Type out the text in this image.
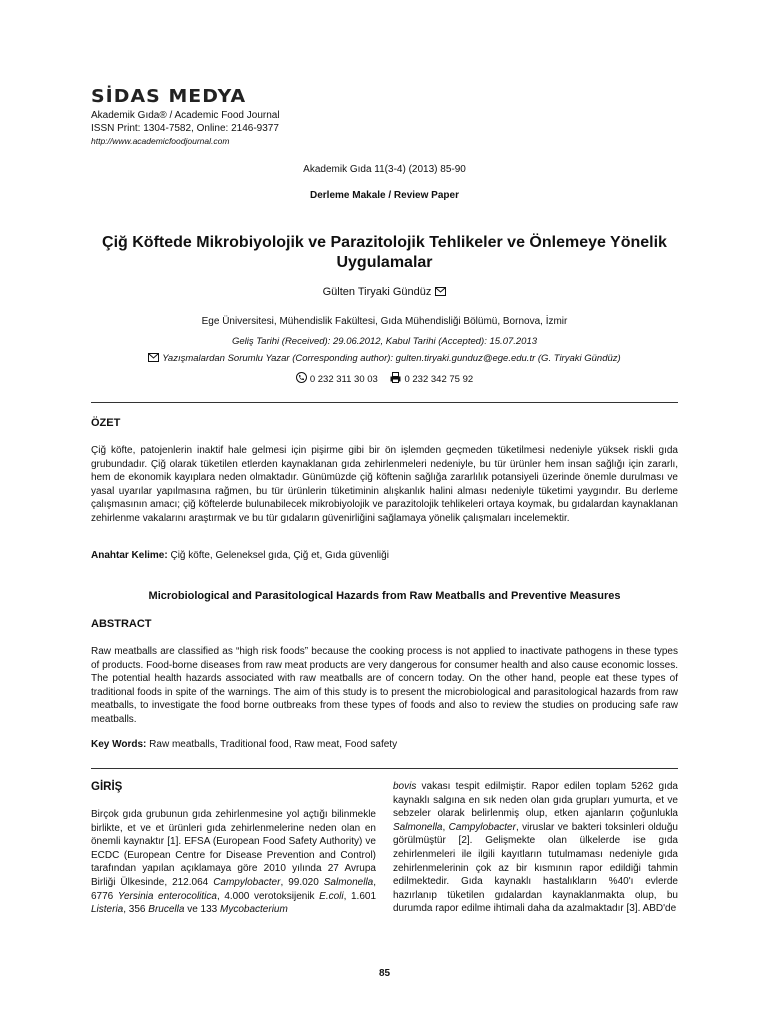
SİDAS MEDYA
Akademik Gıda® / Academic Food Journal
ISSN Print: 1304-7582, Online: 2146-9377
http://www.academicfoodjournal.com
Akademik Gıda 11(3-4) (2013) 85-90
Derleme Makale / Review Paper
Çiğ Köftede Mikrobiyolojik ve Parazitolojik Tehlikeler ve Önlemeye Yönelik
Uygulamalar
Gülten Tiryaki Gündüz
Ege Üniversitesi, Mühendislik Fakültesi, Gıda Mühendisliği Bölümü, Bornova, İzmir
Geliş Tarihi (Received): 29.06.2012, Kabul Tarihi (Accepted): 15.07.2013
Yazışmalardan Sorumlu Yazar (Corresponding author): gulten.tiryaki.gunduz@ege.edu.tr (G. Tiryaki Gündüz)
0 232 311 30 03	0 232 342 75 92
ÖZET
Çiğ köfte, patojenlerin inaktif hale gelmesi için pişirme gibi bir ön işlemden geçmeden tüketilmesi nedeniyle yüksek riskli gıda grubundadır. Çiğ olarak tüketilen etlerden kaynaklanan gıda zehirlenmeleri nedeniyle, bu tür ürünler hem insan sağlığı için zararlı, hem de ekonomik kayıplara neden olmaktadır. Günümüzde çiğ köftenin sağlığa zararlılık potansiyeli üzerinde önemle durulması ve yasal uyarılar yapılmasına rağmen, bu tür ürünlerin tüketiminin alışkanlık halini alması nedeniyle tüketimi yaygındır. Bu derleme çalışmasının amacı; çiğ köftelerde bulunabilecek mikrobiyolojik ve parazitolojik tehlikeleri ortaya koymak, bu gıdalardan kaynaklanan zehirlenme vakalarını araştırmak ve bu tür gıdaların güvenirliğini sağlamaya yönelik çalışmaları incelemektir.
Anahtar Kelime: Çiğ köfte, Geleneksel gıda, Çiğ et, Gıda güvenliği
Microbiological and Parasitological Hazards from Raw Meatballs and Preventive Measures
ABSTRACT
Raw meatballs are classified as “high risk foods” because the cooking process is not applied to inactivate pathogens in these types of products. Food-borne diseases from raw meat products are very dangerous for consumer health and also cause economic losses. The potential health hazards associated with raw meatballs are of concern today. On the other hand, people eat these types of traditional foods in spite of the warnings. The aim of this study is to present the microbiological and parasitological hazards from raw meatballs, to investigate the food borne outbreaks from these types of foods and also to review the studies on producing safe raw meatballs.
Key Words: Raw meatballs, Traditional food, Raw meat, Food safety
GİRİŞ
Birçok gıda grubunun gıda zehirlenmesine yol açtığı bilinmekle birlikte, et ve et ürünleri gıda zehirlenmelerine neden olan en önemli kaynaktır [1]. EFSA (European Food Safety Authority) ve ECDC (European Centre for Disease Prevention and Control) tarafından yapılan açıklamaya göre 2010 yılında 27 Avrupa Birliği Ülkesinde, 212.064 Campylobacter, 99.020 Salmonella, 6776 Yersinia enterocolitica, 4.000 verotoksijenik E.coli, 1.601 Listeria, 356 Brucella ve 133 Mycobacterium
bovis vakası tespit edilmiştir. Rapor edilen toplam 5262 gıda kaynaklı salgına en sık neden olan gıda grupları yumurta, et ve sebzeler olarak belirlenmiş olup, etken ajanların çoğunlukla Salmonella, Campylobacter, viruslar ve bakteri toksinleri olduğu görülmüştür [2]. Gelişmekte olan ülkelerde ise gıda zehirlenmeleri ile ilgili kayıtların tutulmaması nedeniyle gıda zehirlenmelerinin çok az bir kısmının rapor edildiği tahmin edilmektedir. Gıda kaynaklı hastalıkların %40'ı evlerde hazırlanıp tüketilen gıdalardan kaynaklanmakta olup, bu durumda rapor edilme ihtimali daha da azalmaktadır [3]. ABD'de
85
